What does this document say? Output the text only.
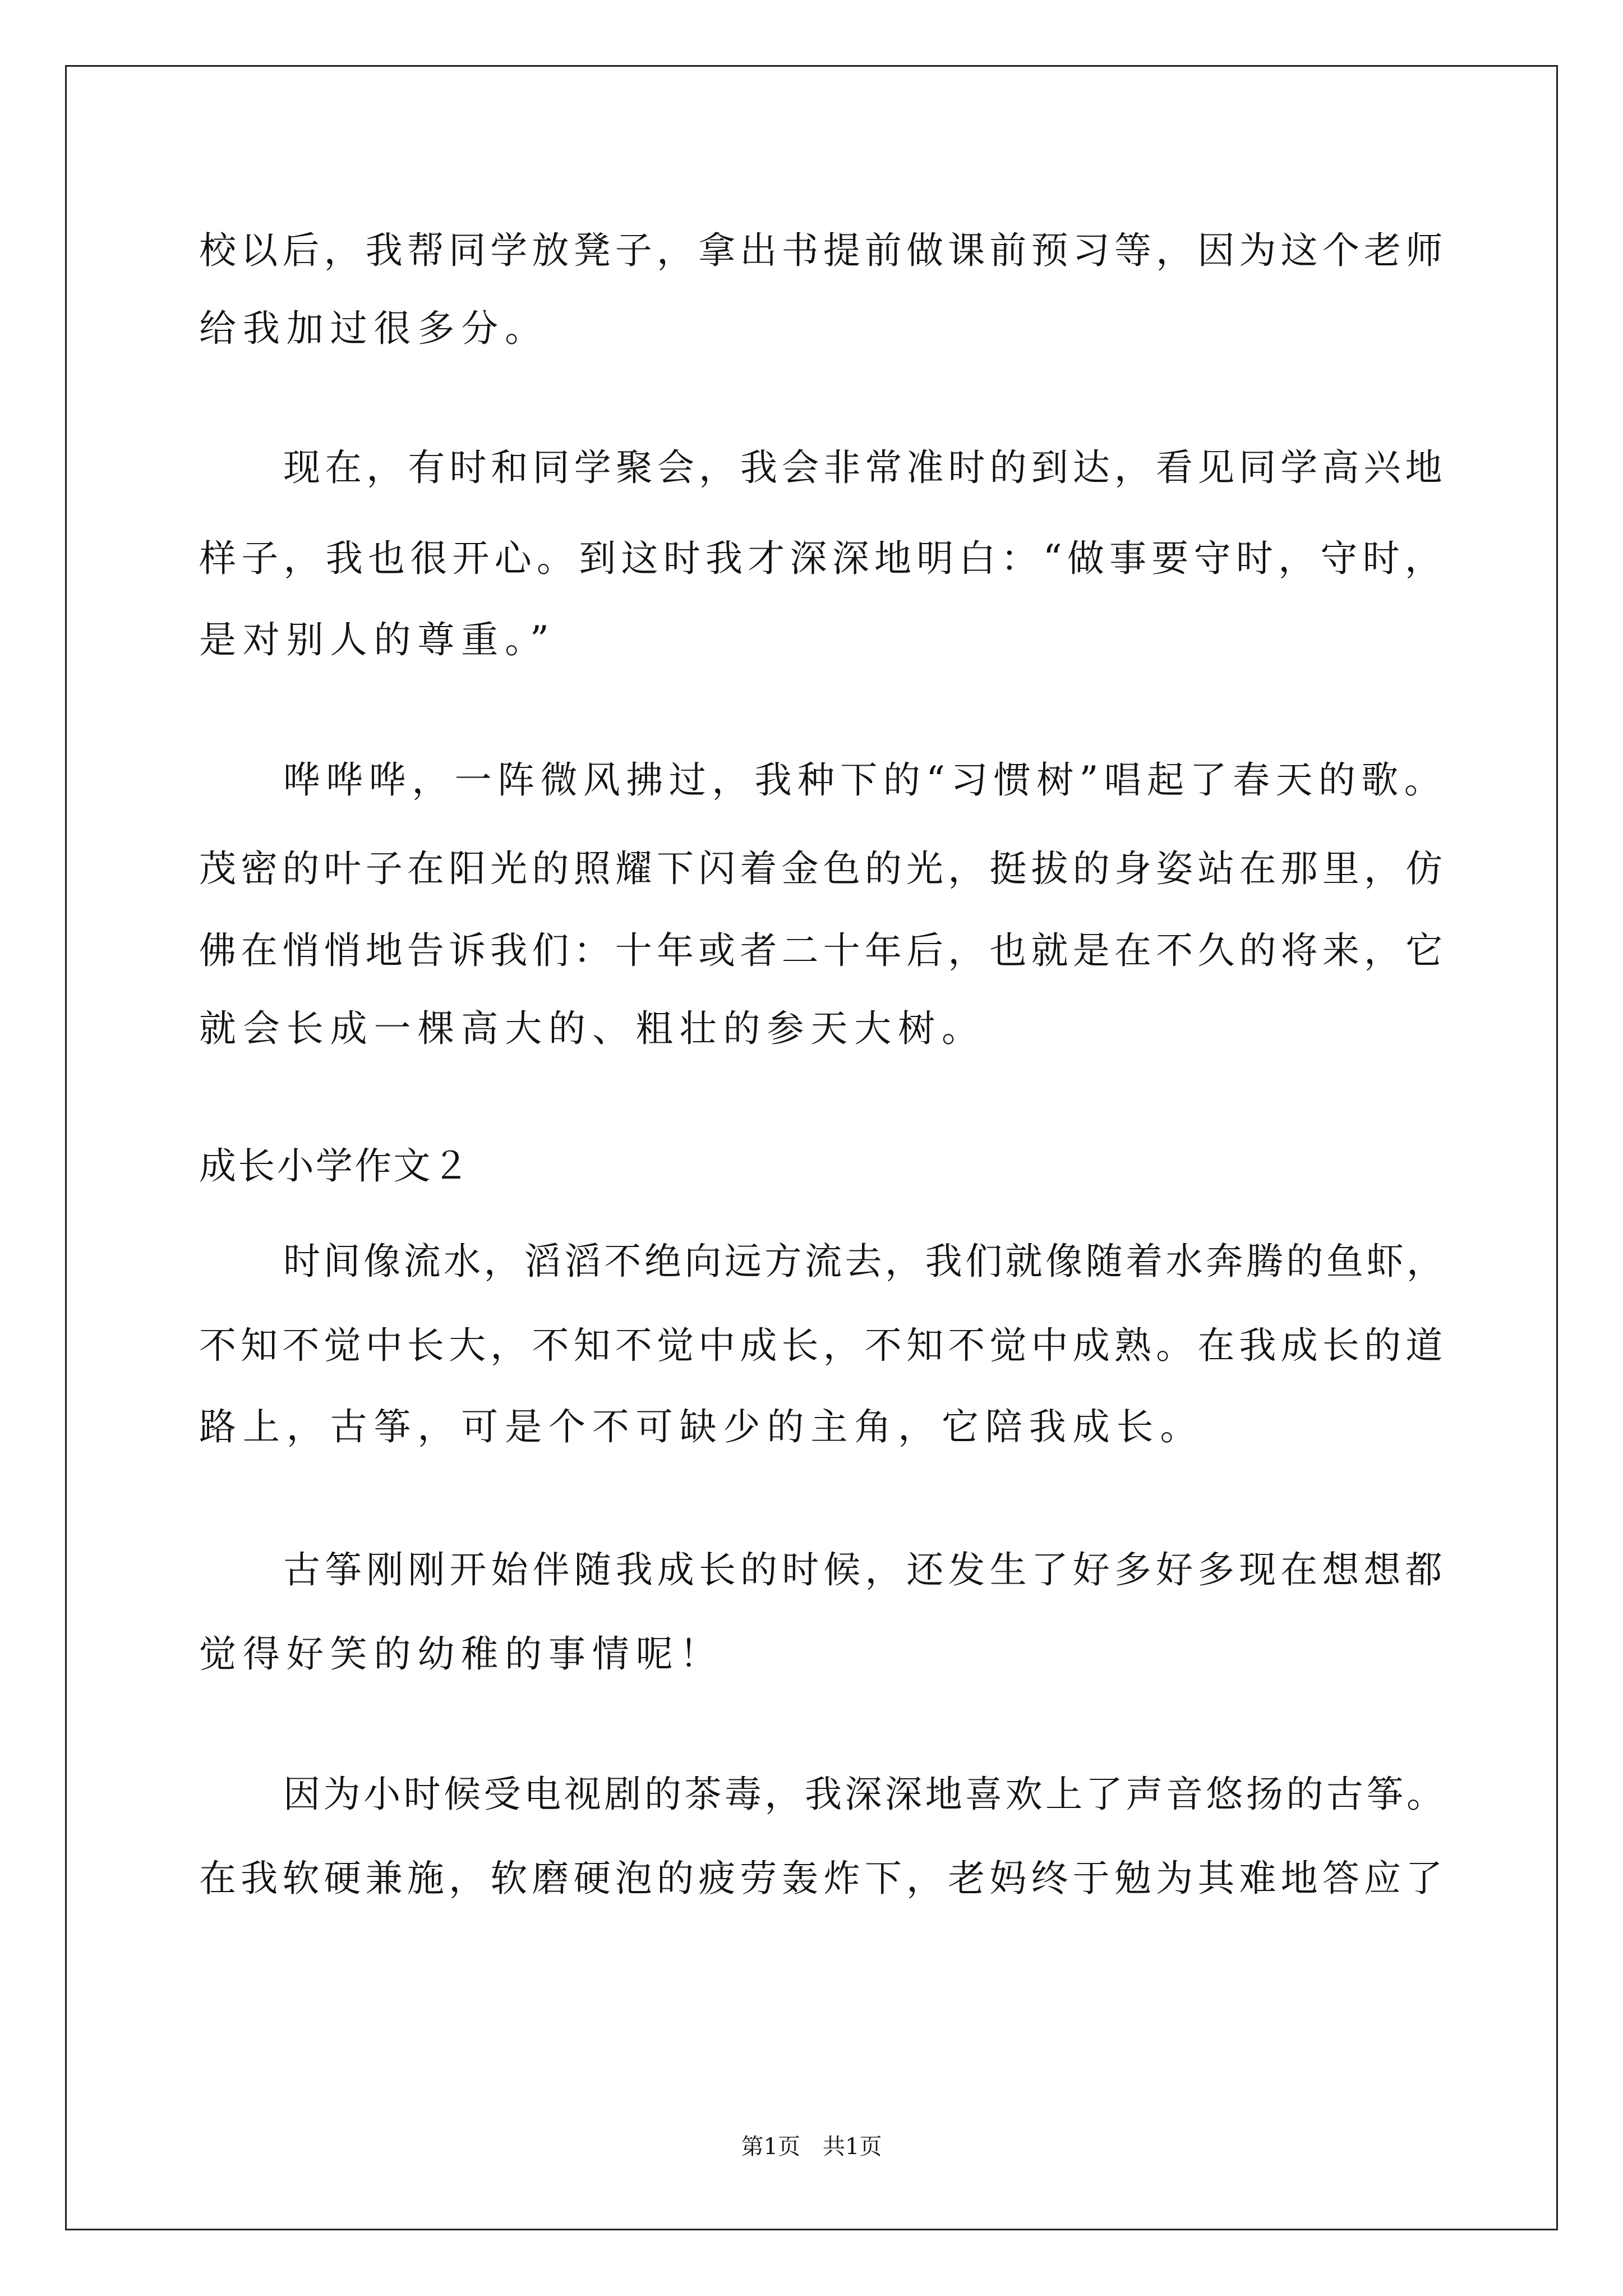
校以后，我帮同学放凳子，拿出书提前做课前预习等，因为这个老师

给我加过很多分。

现在，有时和同学聚会，我会非常准时的到达，看见同学高兴地

样子，我也很开心。到这时我才深深地明白：“做事要守时，守时，

是对别人的尊重。”

哗哗哗，一阵微风拂过，我种下的“习惯树”唱起了春天的歌。

茂密的叶子在阳光的照耀下闪着金色的光，挺拔的身姿站在那里，仿

佛在悄悄地告诉我们：十年或者二十年后，也就是在不久的将来，它

就会长成一棵高大的、粗壮的参天大树。

成长小学作文２

时间像流水，滔滔不绝向远方流去，我们就像随着水奔腾的鱼虾，

不知不觉中长大，不知不觉中成长，不知不觉中成熟。在我成长的道

路上，古筝，可是个不可缺少的主角，它陪我成长。

古筝刚刚开始伴随我成长的时候，还发生了好多好多现在想想都

觉得好笑的幼稚的事情呢！

因为小时候受电视剧的茶毒，我深深地喜欢上了声音悠扬的古筝。

在我软硬兼施，软磨硬泡的疲劳轰炸下，老妈终于勉为其难地答应了

第1页　共1页
